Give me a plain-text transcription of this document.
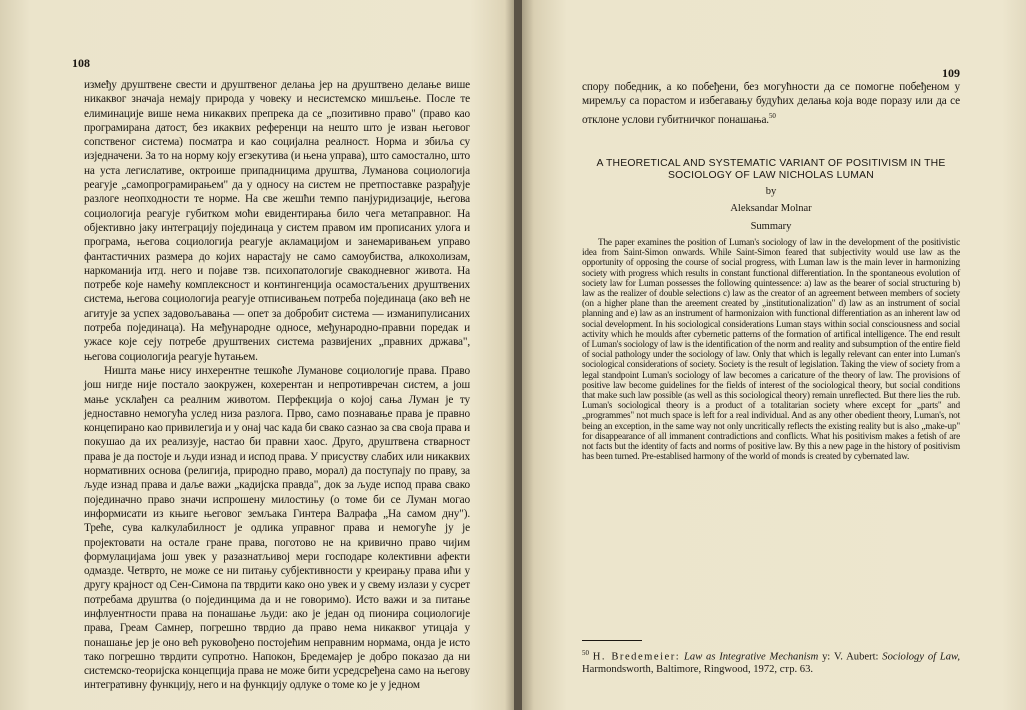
108

између друштвене свести и друштвеног делања јер на друштвено делање више никаквог значаја немају природа у човеку и несистемско мишљење. После те елиминације више нема никаквих препрека да се „позитивно право" (право као програмирана датост, без икаквих референци на нешто што је изван његовог сопственог система) посматра и као социјална реалност. Норма и збиља су изједначени. За то на норму коју егзекутива (и њена управа), што самостално, што на уста легислативе, октроише припадницима друштва, Луманова социологија реагује „самопрограмирањем" да у односу на систем не претпоставке разрађује разлоге неопходности те норме. На све жешћи темпо панјуридизације, његова социологија реагује губитком моћи евидентирања било чега метаправног. На објективно јаку интеграцију појединаца у систем правом им прописаних улога и програма, његова социологија реагује акламацијом и занемаривањем управо фантастичних размера до којих нарастају не само самоубиства, алкохолизам, наркоманија итд. него и појаве тзв. психопатологије свакодневног живота. На потребе које намећу комплексност и контингенција осамостаљених друштвених система, његова социологија реагује отписивањем потреба појединаца (ако већ не агитује за успех задовољавања — опет за добробит система — изманипулисаних потреба појединаца). На међународне односе, међународно-правни поредак и ужасе које сеју потребе друштвених система развијених „правних држава", његова социологија реагује ћутањем.

Ништа мање нису инхерентне тешкоће Лумановe социологије права. Право још нигде није постало заокружен, кохерентан и непротивречан систем, а још мање усклађен са реалним животом. Перфекција о којој сања Луман је ту једноставно немогућа услед низа разлога. Прво, само познавање права је правно концепирано као привилегија и у онај час када би свако сазнао за сва своја права и покушао да их реализује, настао би правни хаос. Друго, друштвена стварност права је да постоје и људи изнад и испод права. У присуству слабих или никаквих нормативних основа (религија, природно право, морал) да поступају по праву, за људе изнад права и даље важи „кадијска правда", док за људе испод права свако појединачно право значи испрошену милостињу (о томе би се Луман могао информисати из књиге његовог земљака Гинтера Валрафа „На самом дну"). Треће, сува калкулабилност је одлика управног права и немогуће ју је пројектовати на остале гране права, поготово не на кривично право чијим формулацијама још увек у разазнатљивој мери господаре колективни афекти одмазде. Четврто, не може се ни питању субјективности у креирању права ићи у другу крајност од Сен-Симона па тврдити како оно увек и у свему излази у сусрет потребама друштва (о појединцима да и не говоримо). Исто важи и за питање инфлуентности права на понашање људи: ако је један од пионира социологије права, Греам Самнер, погрешно тврдио да право нема никаквог утицаја у понашање јер је оно већ руковођено постојећим неправним нормама, онда је исто тако погрешно тврдити супротно. Напокон, Бредемајер је добро показао да ни системско-теоријска концепција права не може бити усредсређена само на његову интегративну функцију, него и на функцију одлуке о томе ко је у једном

109
спору победник, а ко побеђени, без могућности да се помогне побеђеном у миремљу са порастом и избегавању будућих делања која воде поразу или да се отклоне услови губитничког понашања.$^{50}$
A THEORETICAL AND SYSTEMATIC VARIANT OF POSITIVISM IN THE SOCIOLOGY OF LAW NICHOLAS LUMAN
by
Aleksandar Molnar
Summary
The paper examines the position of Luman's sociology of law in the development of the positivistic idea from Saint-Simon onwards. While Saint-Simon feared that subjectivity would use law as the opportunity of opposing the course of social progress, with Luman law is the main lever in harmonizing society with progress which results in constant functional differentiation. In the spontaneous evolution of society law for Luman possesses the following quintessence: a) law as the bearer of social structuring b) law as the realizer of double selections c) law as the creator of an agreement between members of society (on a higher plane than the areement created by „institutionalization" d) law as an instrument of social planning and e) law as an instrument of harmonizaion with functional differentiation as an inherent law od social development. In his sociological considerations Luman stays within social consciousness and social activity which he moulds after cybernetic patterns of the formation of artifical intelligence. The end result of Luman's sociology of law is the identification of the norm and reality and subsumption of the entire field of social pathology under the sociology of law. Only that which is legally relevant can enter into Luman's sociological considerations of society. Society is the result of legislation. Taking the view of society from a legal standpoint Luman's sociology of law becomes a caricature of the theory of law. The provisions of positive law become guidelines for the fields of interest of the sociological theory, but social conditions that make such law possible (as well as this sociological theory) remain unreflected. But there lies the rub. Luman's sociological theory is a product of a totalitarian society where except for „parts" and „programmes" not much space is left for a real individual. And as any other obedient theory, Luman's, not being an exception, in the same way not only uncritically reflects the existing reality but is also „make-up" for disappearance of all immanent contradictions and conflicts. What his positivism makes a fetish of are not facts but the identity of facts and norms of positive law. By this a new page in the history of positivism has been turned. Pre-establised harmony of the world of monds is created by cybernated law.
$^{50}$ H. Bredemeier: Law as Integrative Mechanism у: V. Aubert: Sociology of Law, Harmondsworth, Baltimore, Ringwood, 1972, стр. 63.
